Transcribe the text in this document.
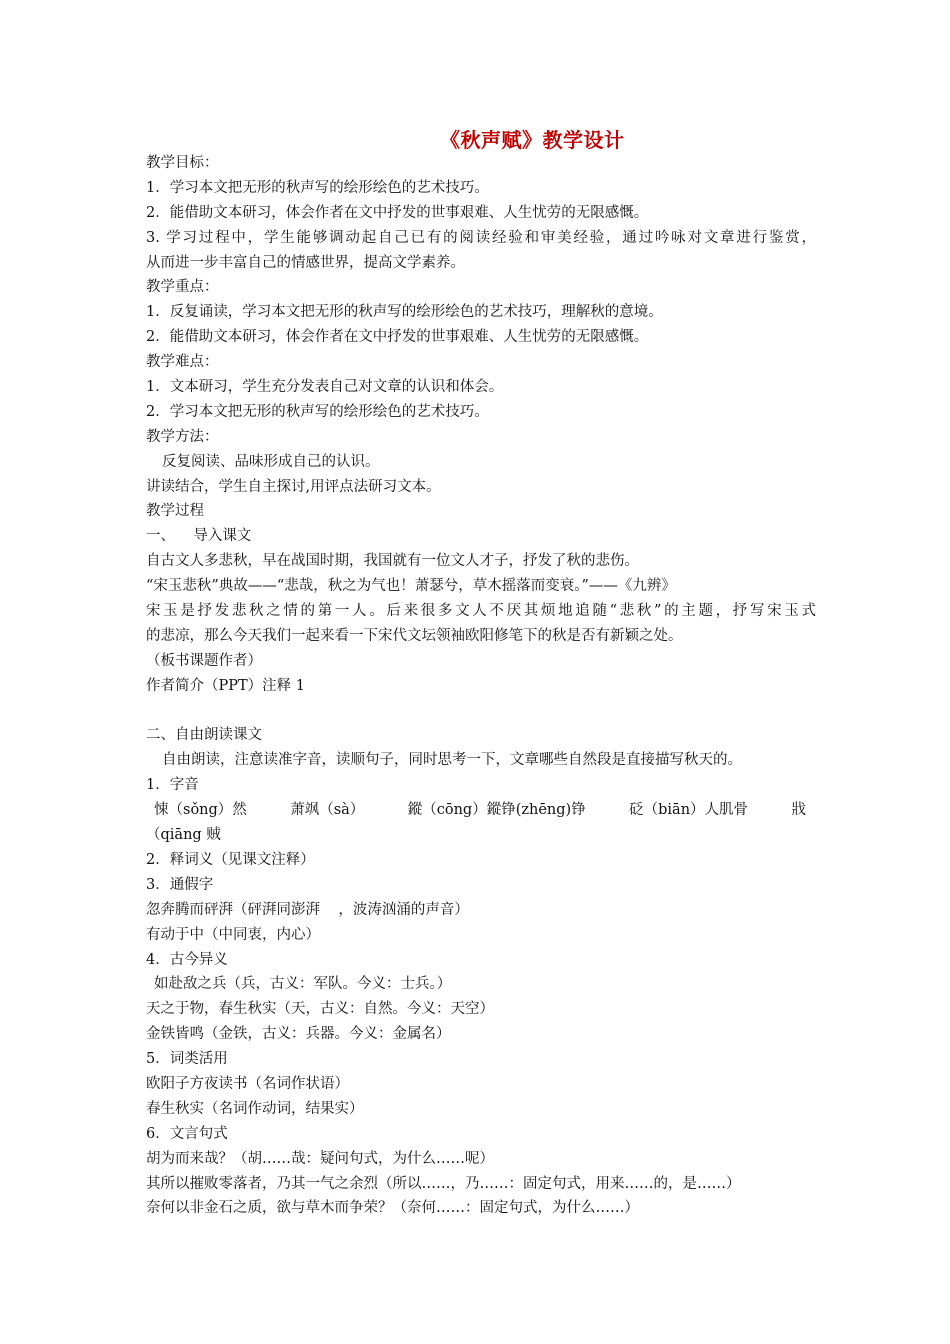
《秋声赋》教学设计
教学目标：
1．学习本文把无形的秋声写的绘形绘色的艺术技巧。
2．能借助文本研习，体会作者在文中抒发的世事艰难、人生忧劳的无限感慨。
3. 学习过程中，学生能够调动起自己已有的阅读经验和审美经验，通过吟咏对文章进行鉴赏，
从而进一步丰富自己的情感世界，提高文学素养。
教学重点：
1．反复诵读，学习本文把无形的秋声写的绘形绘色的艺术技巧，理解秋的意境。
2．能借助文本研习，体会作者在文中抒发的世事艰难、人生忧劳的无限感慨。
教学难点：
1．文本研习，学生充分发表自己对文章的认识和体会。
2．学习本文把无形的秋声写的绘形绘色的艺术技巧。
教学方法：
反复阅读、品味形成自己的认识。
讲读结合，学生自主探讨,用评点法研习文本。
教学过程
一、    导入课文
自古文人多悲秋，早在战国时期，我国就有一位文人才子，抒发了秋的悲伤。
“宋玉悲秋”典故——“悲哉，秋之为气也！萧瑟兮，草木摇落而变衰。”——《九辨》
宋玉是抒发悲秋之情的第一人。后来很多文人不厌其烦地追随“悲秋”的主题，抒写宋玉式
的悲凉，那么今天我们一起来看一下宋代文坛领袖欧阳修笔下的秋是否有新颖之处。
（板书课题作者）
作者简介（PPT）注释 1
二、自由朗读课文
自由朗读，注意读准字音，读顺句子，同时思考一下，文章哪些自然段是直接描写秋天的。
1．字音
悚（sǒng）然	萧飒（sà）	鏦（cōng）鏦铮(zhēng)铮	砭（biān）人肌骨	戕
（qiāng 贼
2．释词义（见课文注释）
3．通假字
忽奔腾而砰湃（砰湃同澎湃    ，波涛汹涌的声音）
有动于中（中同衷，内心）
4．古今异义
如赴敌之兵（兵，古义：军队。今义：士兵。）
天之于物，春生秋实（天，古义：自然。今义：天空）
金铁皆鸣（金铁，古义：兵器。今义：金属名）
5．词类活用
欧阳子方夜读书（名词作状语）
春生秋实（名词作动词，结果实）
6．文言句式
胡为而来哉？（胡……哉：疑问句式，为什么……呢）
其所以摧败零落者，乃其一气之余烈（所以……，乃……：固定句式，用来……的，是……）
奈何以非金石之质，欲与草木而争荣？（奈何……：固定句式，为什么……）
